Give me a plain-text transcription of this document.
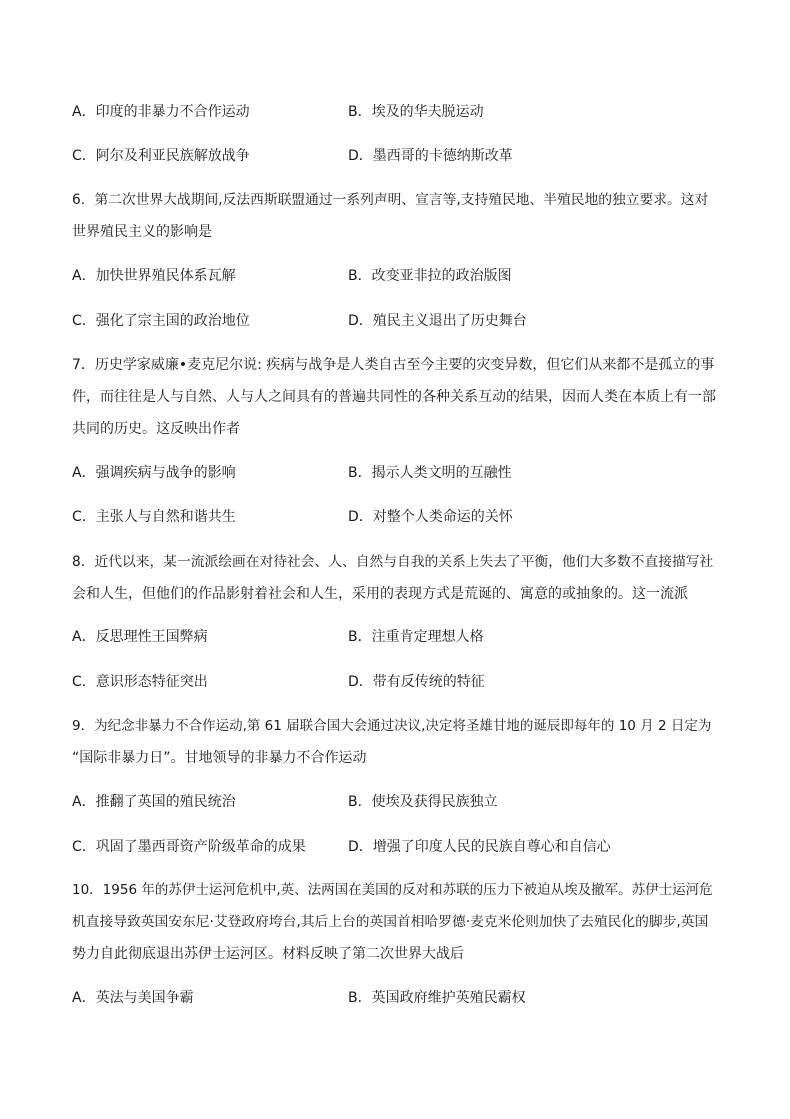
A．印度的非暴力不合作运动	B．埃及的华夫脱运动
C．阿尔及利亚民族解放战争	D．墨西哥的卡德纳斯改革
6．第二次世界大战期间,反法西斯联盟通过一系列声明、宣言等,支持殖民地、半殖民地的独立要求。这对
世界殖民主义的影响是
A．加快世界殖民体系瓦解	B．改变亚非拉的政治版图
C．强化了宗主国的政治地位	D．殖民主义退出了历史舞台
7．历史学家威廉•麦克尼尔说: 疾病与战争是人类自古至今主要的灾变异数，但它们从来都不是孤立的事
件，而往往是人与自然、人与人之间具有的普遍共同性的各种关系互动的结果，因而人类在本质上有一部
共同的历史。这反映出作者
A．强调疾病与战争的影响	B．揭示人类文明的互融性
C．主张人与自然和谐共生	D．对整个人类命运的关怀
8．近代以来，某一流派绘画在对待社会、人、自然与自我的关系上失去了平衡，他们大多数不直接描写社
会和人生，但他们的作品影射着社会和人生，采用的表现方式是荒诞的、寓意的或抽象的。这一流派
A．反思理性王国弊病	B．注重肯定理想人格
C．意识形态特征突出	D．带有反传统的特征
9．为纪念非暴力不合作运动,第 61 届联合国大会通过决议,决定将圣雄甘地的诞辰即每年的 10 月 2 日定为
“国际非暴力日”。甘地领导的非暴力不合作运动
A．推翻了英国的殖民统治	B．使埃及获得民族独立
C．巩固了墨西哥资产阶级革命的成果	D．增强了印度人民的民族自尊心和自信心
10．1956 年的苏伊士运河危机中,英、法两国在美国的反对和苏联的压力下被迫从埃及撤军。苏伊士运河危
机直接导致英国安东尼·艾登政府垮台,其后上台的英国首相哈罗德·麦克米伦则加快了去殖民化的脚步,英国
势力自此彻底退出苏伊士运河区。材料反映了第二次世界大战后
A．英法与美国争霸	B．英国政府维护英殖民霸权
